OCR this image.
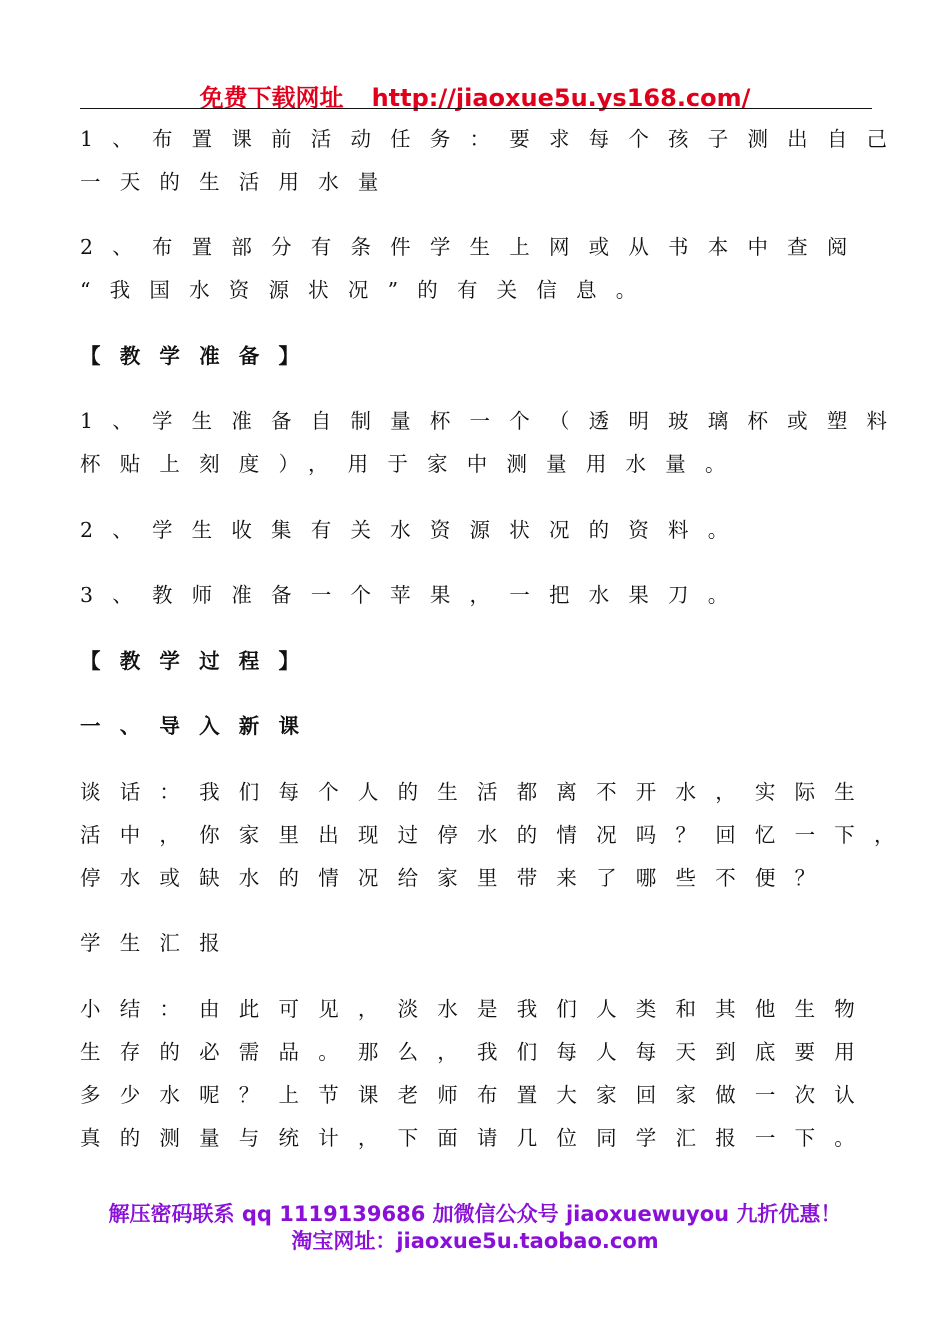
免费下载网址 http://jiaoxue5u.ys168.com/
1、布置课前活动任务：要求每个孩子测出自己
一天的生活用水量
2、布置部分有条件学生上网或从书本中查阅
“我国水资源状况”的有关信息。
【教学准备】
1、学生准备自制量杯一个（透明玻璃杯或塑料
杯贴上刻度），用于家中测量用水量。
2、学生收集有关水资源状况的资料。
3、教师准备一个苹果，一把水果刀。
【教学过程】
一、导入新课
谈话：我们每个人的生活都离不开水，实际生
活中，你家里出现过停水的情况吗？回忆一下，
停水或缺水的情况给家里带来了哪些不便？
学生汇报
小结：由此可见，淡水是我们人类和其他生物
生存的必需品。那么，我们每人每天到底要用
多少水呢？上节课老师布置大家回家做一次认
真的测量与统计，下面请几位同学汇报一下。
解压密码联系 qq 1119139686 加微信公众号 jiaoxuewuyou 九折优惠！
淘宝网址：jiaoxue5u.taobao.com
